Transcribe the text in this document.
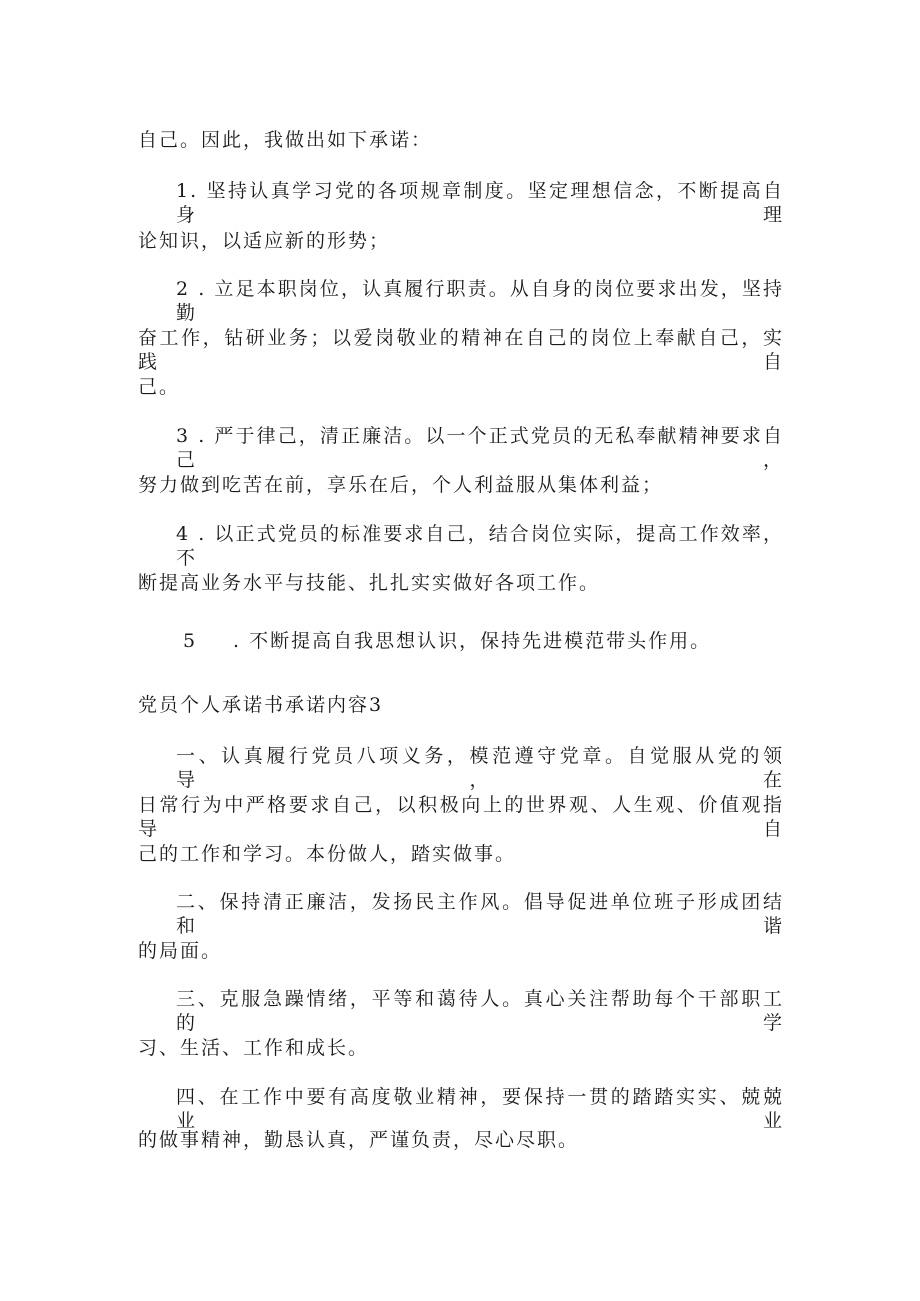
自己。因此，我做出如下承诺：
1. 坚持认真学习党的各项规章制度。坚定理想信念，不断提高自身理
论知识，以适应新的形势；
2 . 立足本职岗位，认真履行职责。从自身的岗位要求出发，坚持勤
奋工作，钻研业务；以爱岗敬业的精神在自己的岗位上奉献自己，实践自
己。
3 . 严于律己，清正廉洁。以一个正式党员的无私奉献精神要求自己，
努力做到吃苦在前，享乐在后，个人利益服从集体利益；
4 . 以正式党员的标准要求自己，结合岗位实际，提高工作效率，不
断提高业务水平与技能、扎扎实实做好各项工作。
5 . 不断提高自我思想认识，保持先进模范带头作用。
党员个人承诺书承诺内容3
一、认真履行党员八项义务，模范遵守党章。自觉服从党的领导，在
日常行为中严格要求自己，以积极向上的世界观、人生观、价值观指导自
己的工作和学习。本份做人，踏实做事。
二、保持清正廉洁，发扬民主作风。倡导促进单位班子形成团结和谐
的局面。
三、克服急躁情绪，平等和蔼待人。真心关注帮助每个干部职工的学
习、生活、工作和成长。
四、在工作中要有高度敬业精神，要保持一贯的踏踏实实、兢兢业业
的做事精神，勤恳认真，严谨负责，尽心尽职。
